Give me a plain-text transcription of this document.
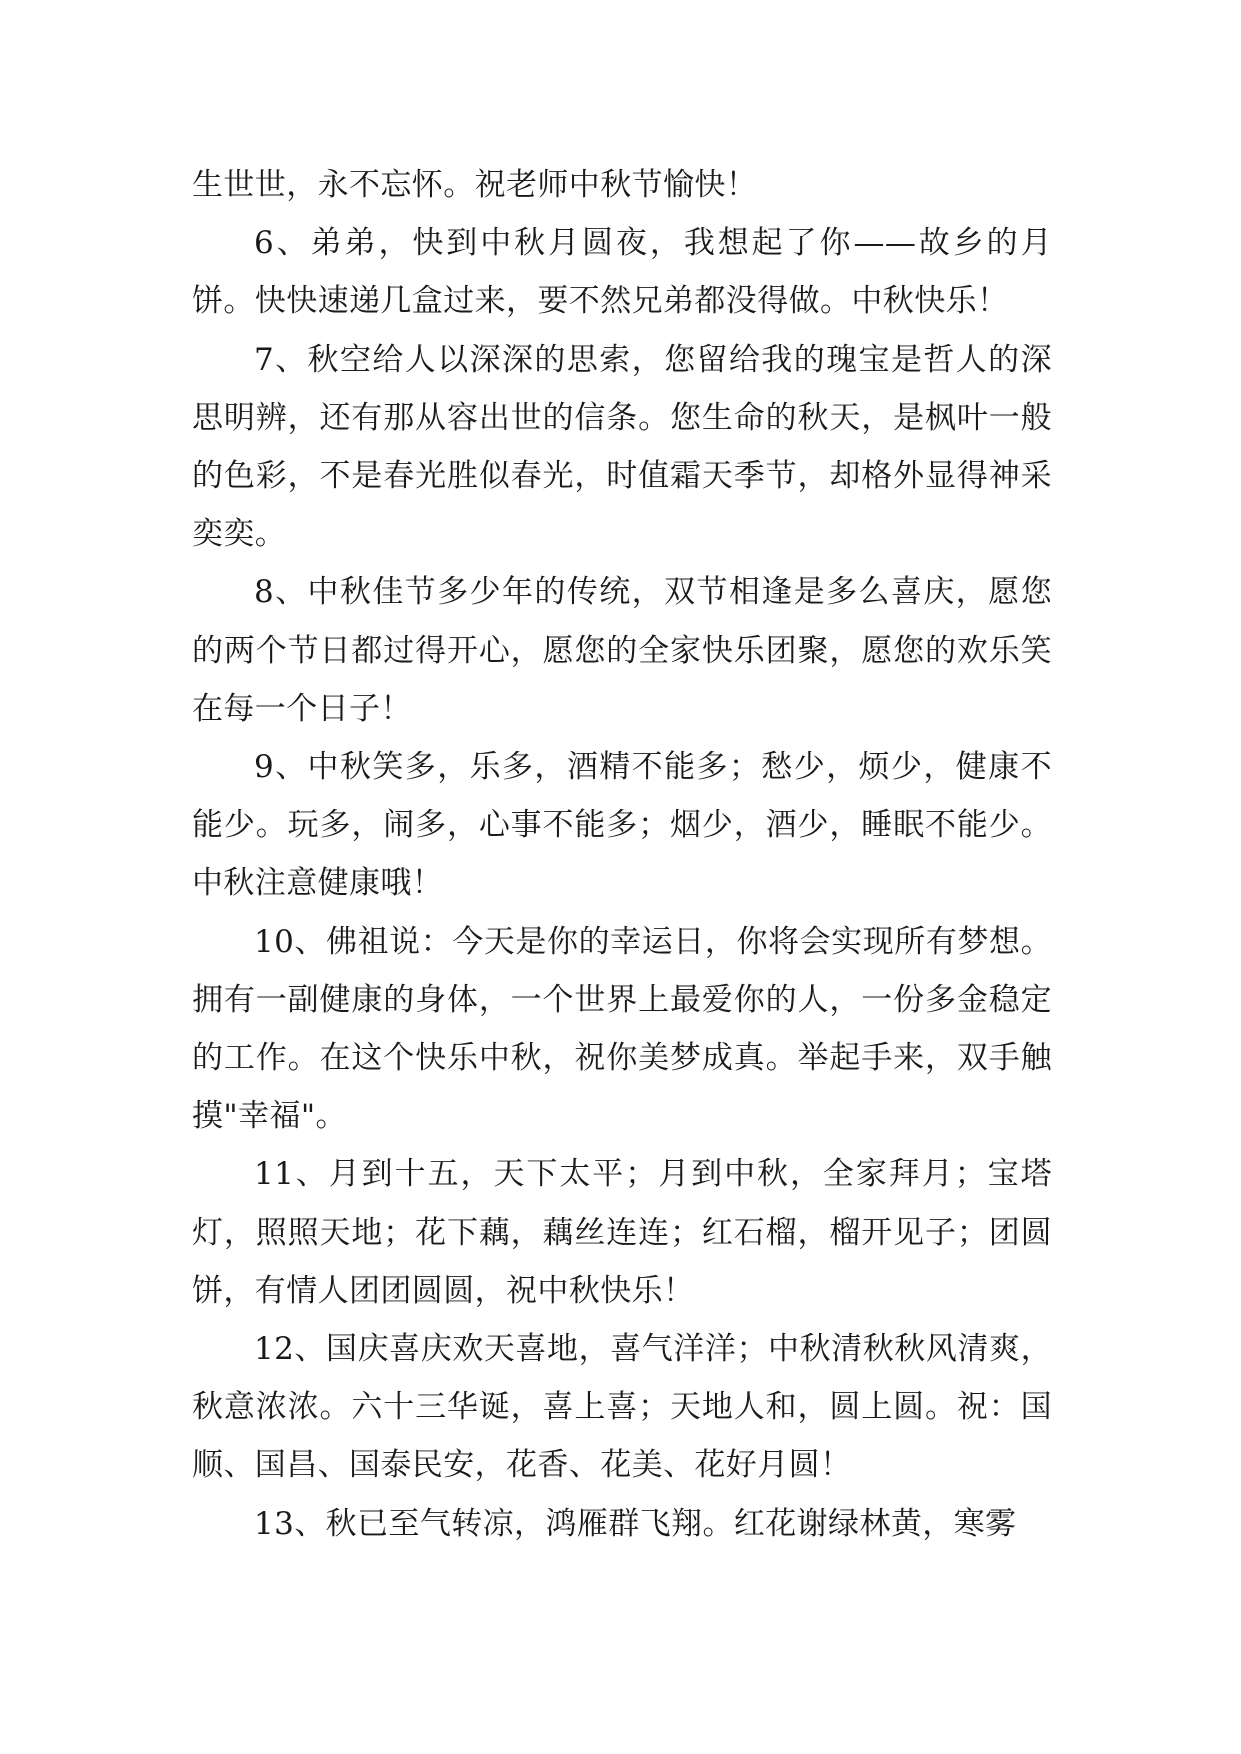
生世世，永不忘怀。祝老师中秋节愉快！

6、弟弟，快到中秋月圆夜，我想起了你——故乡的月饼。快快速递几盒过来，要不然兄弟都没得做。中秋快乐！

7、秋空给人以深深的思索，您留给我的瑰宝是哲人的深思明辨，还有那从容出世的信条。您生命的秋天，是枫叶一般的色彩，不是春光胜似春光，时值霜天季节，却格外显得神采奕奕。

8、中秋佳节多少年的传统，双节相逢是多么喜庆，愿您的两个节日都过得开心，愿您的全家快乐团聚，愿您的欢乐笑在每一个日子！

9、中秋笑多，乐多，酒精不能多；愁少，烦少，健康不能少。玩多，闹多，心事不能多；烟少，酒少，睡眠不能少。中秋注意健康哦！

10、佛祖说：今天是你的幸运日，你将会实现所有梦想。拥有一副健康的身体，一个世界上最爱你的人，一份多金稳定的工作。在这个快乐中秋，祝你美梦成真。举起手来，双手触摸"幸福"。

11、月到十五，天下太平；月到中秋，全家拜月；宝塔灯，照照天地；花下藕，藕丝连连；红石榴，榴开见子；团圆饼，有情人团团圆圆，祝中秋快乐！

12、国庆喜庆欢天喜地，喜气洋洋；中秋清秋秋风清爽，秋意浓浓。六十三华诞，喜上喜；天地人和，圆上圆。祝：国顺、国昌、国泰民安，花香、花美、花好月圆！

13、秋已至气转凉，鸿雁群飞翔。红花谢绿林黄，寒雾
